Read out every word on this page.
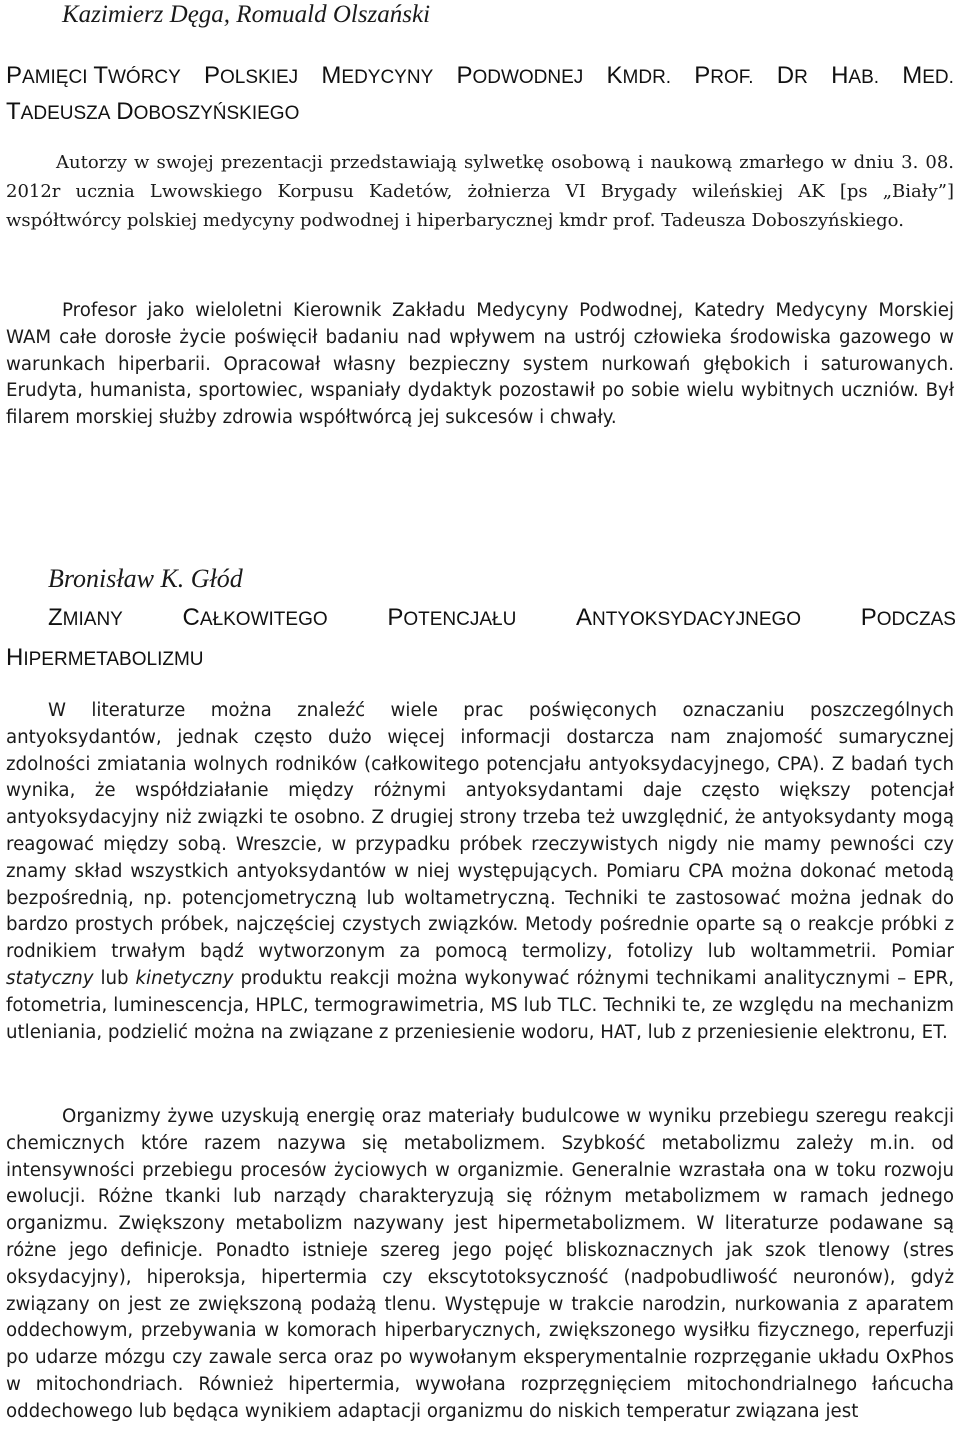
Kazimierz Dęga, Romuald Olszański
PAMIĘCI TWÓRCY POLSKIEJ MEDYCYNY PODWODNEJ KMDR. PROF. DR HAB. MED.
TADEUSZA DOBOSZYŃSKIEGO

Autorzy w swojej prezentacji przedstawiają sylwetkę osobową i naukową zmarłego w dniu 3. 08. 2012r ucznia Lwowskiego Korpusu Kadetów, żołnierza VI Brygady wileńskiej AK [ps „Biały”] współtwórcy polskiej medycyny podwodnej i hiperbarycznej kmdr prof. Tadeusza Doboszyńskiego.

Profesor jako wieloletni Kierownik Zakładu Medycyny Podwodnej, Katedry Medycyny Morskiej WAM całe dorosłe życie poświęcił badaniu nad wpływem na ustrój człowieka środowiska gazowego w warunkach hiperbarii. Opracował własny bezpieczny system nurkowań głębokich i saturowanych. Erudyta, humanista, sportowiec, wspaniały dydaktyk pozostawił po sobie wielu wybitnych uczniów. Był filarem morskiej służby zdrowia współtwórcą jej sukcesów i chwały.

Bronisław K. Głód
ZMIANY CAŁKOWITEGO POTENCJAŁU ANTYOKSYDACYJNEGO PODCZAS
HIPERMETABOLIZMU

W literaturze można znaleźć wiele prac poświęconych oznaczaniu poszczególnych antyoksydantów, jednak często dużo więcej informacji dostarcza nam znajomość sumarycznej zdolności zmiatania wolnych rodników (całkowitego potencjału antyoksydacyjnego, CPA). Z badań tych wynika, że współdziałanie między różnymi antyoksydantami daje często większy potencjał antyoksydacyjny niż związki te osobno. Z drugiej strony trzeba też uwzględnić, że antyoksydanty mogą reagować między sobą. Wreszcie, w przypadku próbek rzeczywistych nigdy nie mamy pewności czy znamy skład wszystkich antyoksydantów w niej występujących. Pomiaru CPA można dokonać metodą bezpośrednią, np. potencjometryczną lub woltametryczną. Techniki te zastosować można jednak do bardzo prostych próbek, najczęściej czystych związków. Metody pośrednie oparte są o reakcje próbki z rodnikiem trwałym bądź wytworzonym za pomocą termolizy, fotolizy lub woltammetrii. Pomiar statyczny lub kinetyczny produktu reakcji można wykonywać różnymi technikami analitycznymi – EPR, fotometria, luminescencja, HPLC, termograwimetria, MS lub TLC. Techniki te, ze względu na mechanizm utleniania, podzielić można na związane z przeniesienie wodoru, HAT, lub z przeniesienie elektronu, ET.

Organizmy żywe uzyskują energię oraz materiały budulcowe w wyniku przebiegu szeregu reakcji chemicznych które razem nazywa się metabolizmem. Szybkość metabolizmu zależy m.in. od intensywności przebiegu procesów życiowych w organizmie. Generalnie wzrastała ona w toku rozwoju ewolucji. Różne tkanki lub narządy charakteryzują się różnym metabolizmem w ramach jednego organizmu. Zwiększony metabolizm nazywany jest hipermetabolizmem. W literaturze podawane są różne jego definicje. Ponadto istnieje szereg jego pojęć bliskoznacznych jak szok tlenowy (stres oksydacyjny), hiperoksja, hipertermia czy ekscytotoksyczność (nadpobudliwość neuronów), gdyż związany on jest ze zwiększoną podażą tlenu. Występuje w trakcie narodzin, nurkowania z aparatem oddechowym, przebywania w komorach hiperbarycznych, zwiększonego wysiłku fizycznego, reperfuzji po udarze mózgu czy zawale serca oraz po wywołanym eksperymentalnie rozprzęganie układu OxPhos w mitochondriach. Również hipertermia, wywołana rozprzęgnięciem mitochondrialnego łańcucha oddechowego lub będąca wynikiem adaptacji organizmu do niskich temperatur związana jest
